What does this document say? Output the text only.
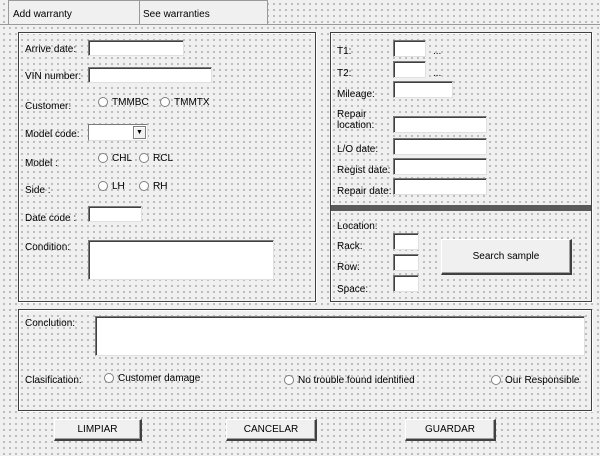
Add warranty	See warranties
Arrive date:
VIN number:
Customer:	TMMBC	TMMTX
Model code:	▼
Model :	CHL	RCL
Side :	LH	RH
Date code :
Condition:
T1:	...
T2:	...
Mileage:
Repair
location:
L/O date:
Regist date:
Repair date:
Location:
Rack:
Row:
Space:
Search sample
Conclution:
Clasification:	Customer damage	No trouble found identified	Our Responsible
LIMPIAR	CANCELAR	GUARDAR
